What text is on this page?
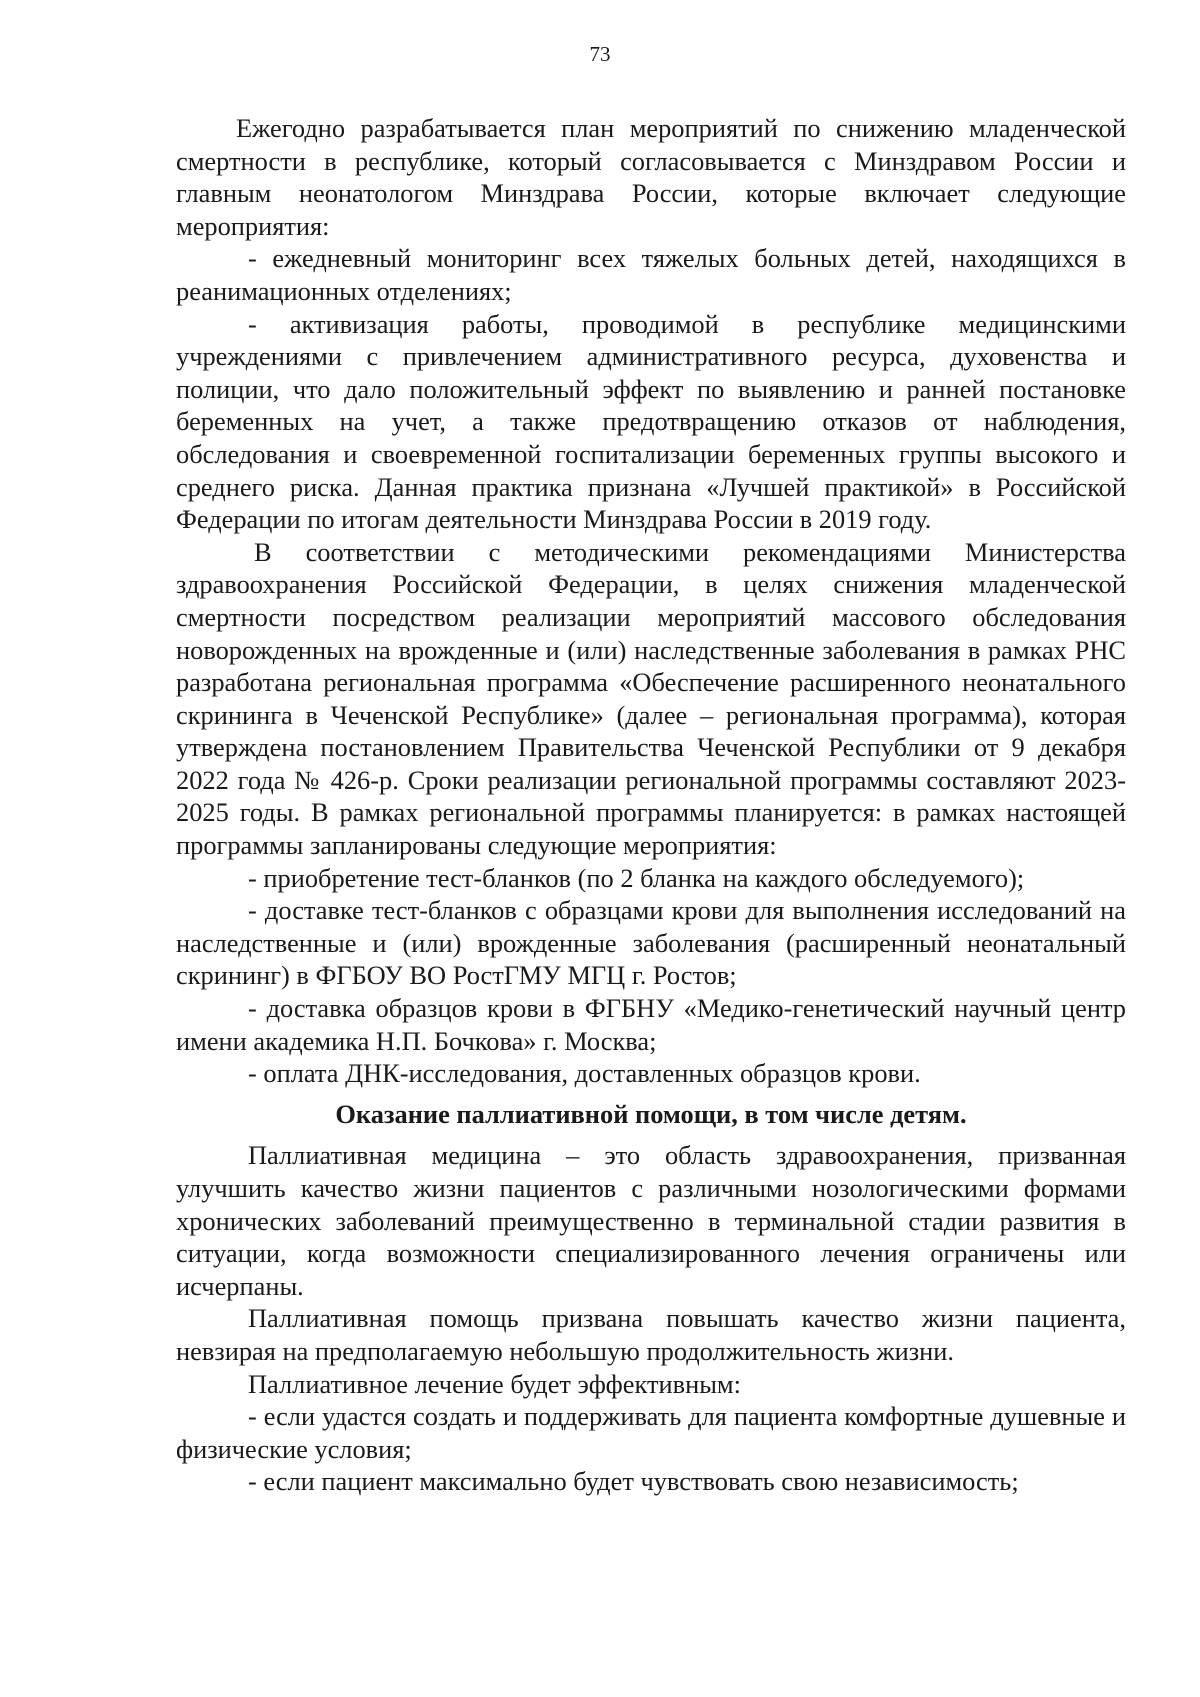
73

Ежегодно разрабатывается план мероприятий по снижению младенческой смертности в республике, который согласовывается с Минздравом России и главным неонатологом Минздрава России, которые включает следующие мероприятия:

- ежедневный мониторинг всех тяжелых больных детей, находящихся в реанимационных отделениях;

- активизация работы, проводимой в республике медицинскими учреждениями с привлечением административного ресурса, духовенства и полиции, что дало положительный эффект по выявлению и ранней постановке беременных на учет, а также предотвращению отказов от наблюдения, обследования и своевременной госпитализации беременных группы высокого и среднего риска. Данная практика признана «Лучшей практикой» в Российской Федерации по итогам деятельности Минздрава России в 2019 году.

В соответствии с методическими рекомендациями Министерства здравоохранения Российской Федерации, в целях снижения младенческой смертности посредством реализации мероприятий массового обследования новорожденных на врожденные и (или) наследственные заболевания в рамках РНС разработана региональная программа «Обеспечение расширенного неонатального скрининга в Чеченской Республике» (далее – региональная программа), которая утверждена постановлением Правительства Чеченской Республики от 9 декабря 2022 года № 426-р. Сроки реализации региональной программы составляют 2023-2025 годы. В рамках региональной программы планируется: в рамках настоящей программы запланированы следующие мероприятия:

- приобретение тест-бланков (по 2 бланка на каждого обследуемого);

- доставке тест-бланков с образцами крови для выполнения исследований на наследственные и (или) врожденные заболевания (расширенный неонатальный скрининг) в ФГБОУ ВО РостГМУ МГЦ г. Ростов;

- доставка образцов крови в ФГБНУ «Медико-генетический научный центр имени академика Н.П. Бочкова» г. Москва;

- оплата ДНК-исследования, доставленных образцов крови.

Оказание паллиативной помощи, в том числе детям.

Паллиативная медицина – это область здравоохранения, призванная улучшить качество жизни пациентов с различными нозологическими формами хронических заболеваний преимущественно в терминальной стадии развития в ситуации, когда возможности специализированного лечения ограничены или исчерпаны.

Паллиативная помощь призвана повышать качество жизни пациента, невзирая на предполагаемую небольшую продолжительность жизни.

Паллиативное лечение будет эффективным:

- если удастся создать и поддерживать для пациента комфортные душевные и физические условия;

- если пациент максимально будет чувствовать свою независимость;
